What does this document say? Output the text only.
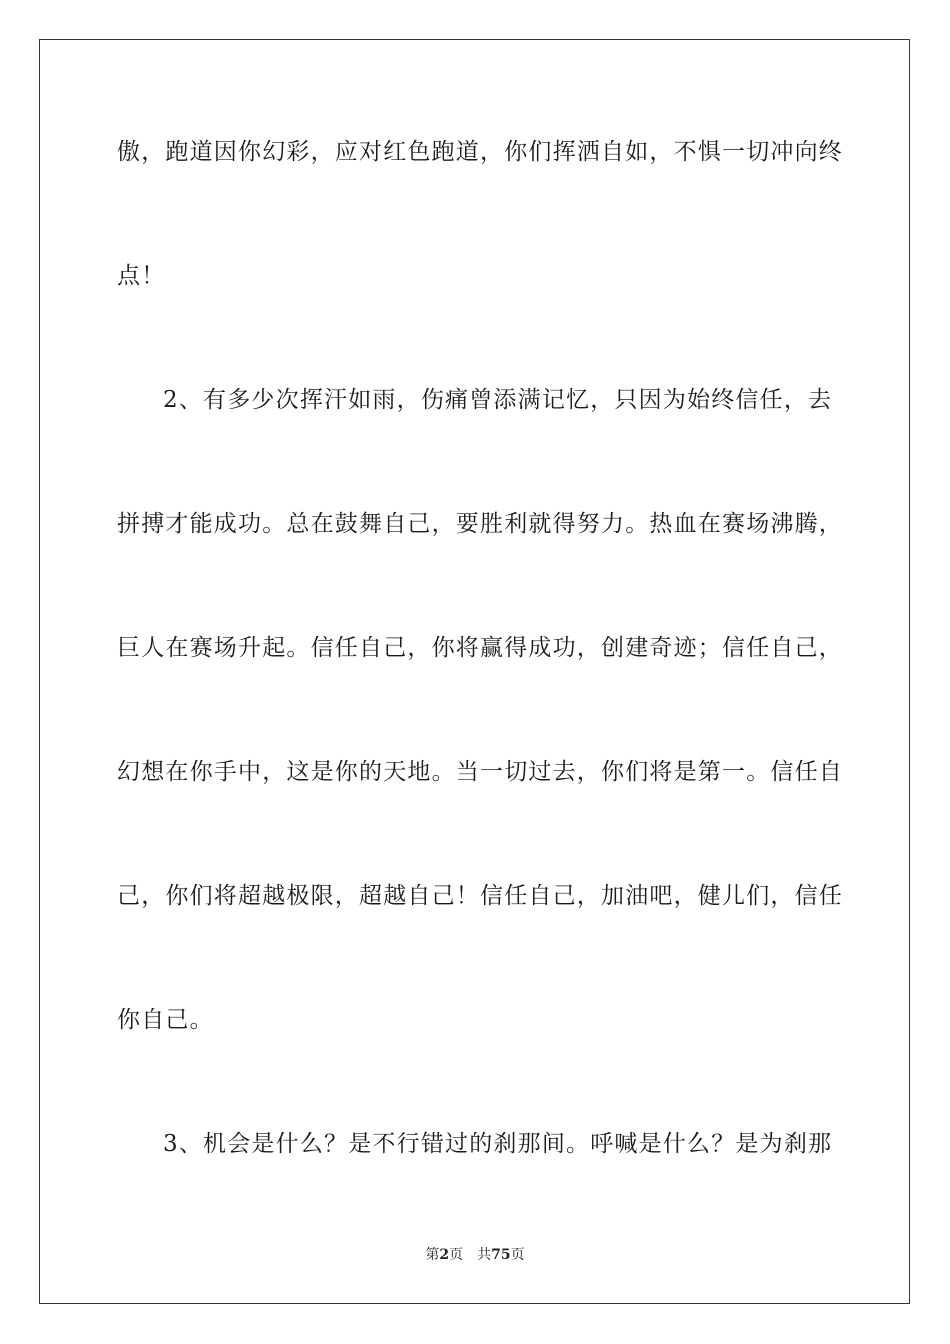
傲，跑道因你幻彩，应对红色跑道，你们挥洒自如，不惧一切冲向终
点！
2、有多少次挥汗如雨，伤痛曾添满记忆，只因为始终信任，去
拼搏才能成功。总在鼓舞自己，要胜利就得努力。热血在赛场沸腾，
巨人在赛场升起。信任自己，你将赢得成功，创建奇迹；信任自己，
幻想在你手中，这是你的天地。当一切过去，你们将是第一。信任自
己，你们将超越极限，超越自己！信任自己，加油吧，健儿们，信任
你自己。
3、机会是什么？是不行错过的刹那间。呼喊是什么？是为刹那
第2页 共75页
